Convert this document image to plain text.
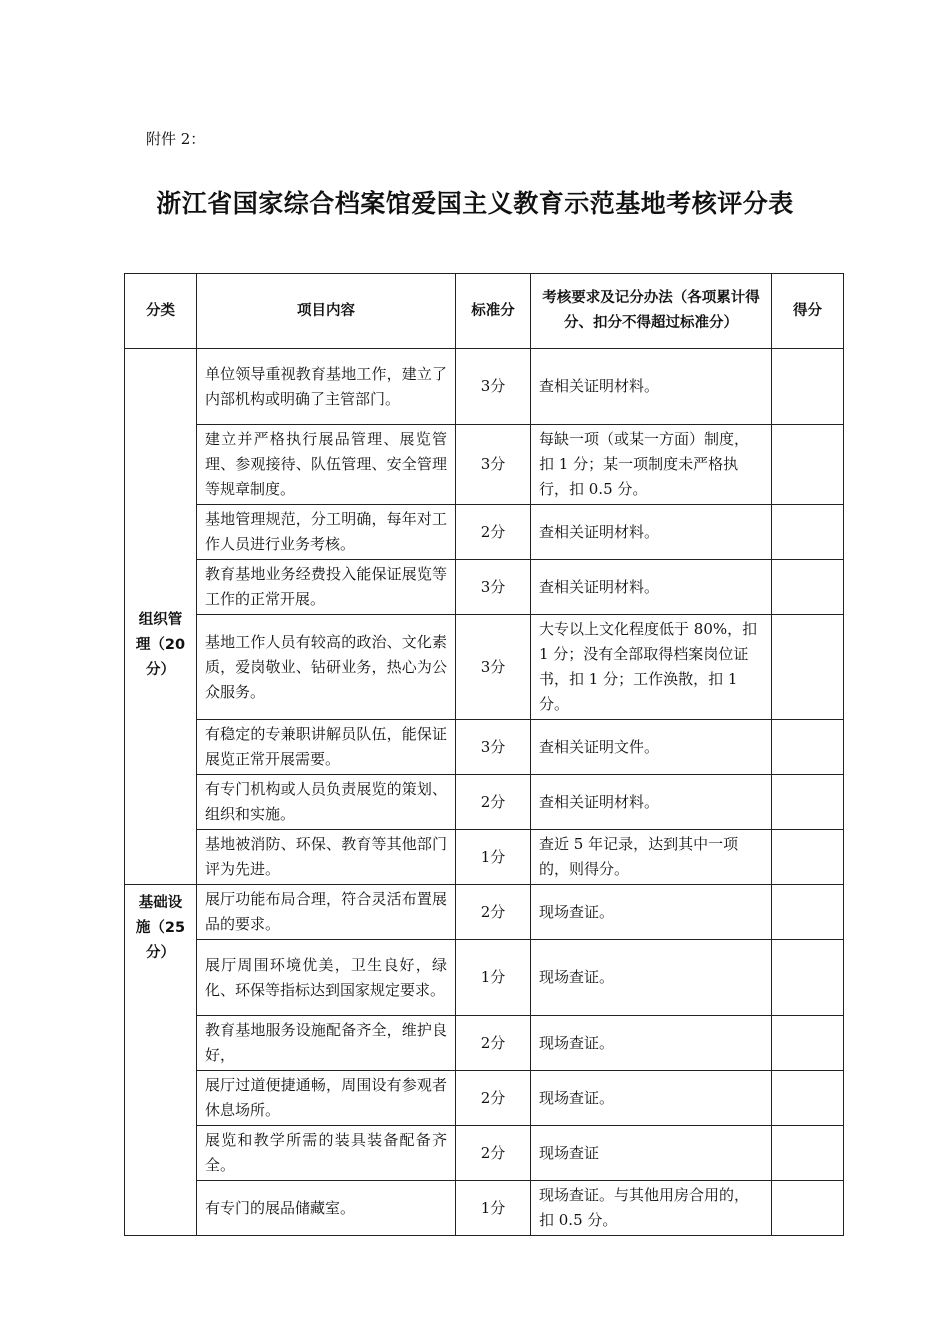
附件 2：
浙江省国家综合档案馆爱国主义教育示范基地考核评分表
分类	项目内容	标准分	考核要求及记分办法（各项累计得分、扣分不得超过标准分）	得分
组织管理（20分）	单位领导重视教育基地工作，建立了内部机构或明确了主管部门。	3分	查相关证明材料。	
	建立并严格执行展品管理、展览管理、参观接待、队伍管理、安全管理等规章制度。	3分	每缺一项（或某一方面）制度，扣 1 分；某一项制度未严格执行，扣 0.5 分。	
	基地管理规范，分工明确，每年对工作人员进行业务考核。	2分	查相关证明材料。	
	教育基地业务经费投入能保证展览等工作的正常开展。	3分	查相关证明材料。	
	基地工作人员有较高的政治、文化素质，爱岗敬业、钻研业务，热心为公众服务。	3分	大专以上文化程度低于 80%，扣 1 分；没有全部取得档案岗位证书，扣 1 分；工作涣散，扣 1 分。	
	有稳定的专兼职讲解员队伍，能保证展览正常开展需要。	3分	查相关证明文件。	
	有专门机构或人员负责展览的策划、组织和实施。	2分	查相关证明材料。	
	基地被消防、环保、教育等其他部门评为先进。	1分	查近 5 年记录，达到其中一项的，则得分。	
基础设施（25分）	展厅功能布局合理，符合灵活布置展品的要求。	2分	现场查证。	
	展厅周围环境优美，卫生良好，绿化、环保等指标达到国家规定要求。	1分	现场查证。	
	教育基地服务设施配备齐全，维护良好，	2分	现场查证。	
	展厅过道便捷通畅，周围设有参观者休息场所。	2分	现场查证。	
	展览和教学所需的装具装备配备齐全。	2分	现场查证	
	有专门的展品储藏室。	1分	现场查证。与其他用房合用的，扣 0.5 分。	
